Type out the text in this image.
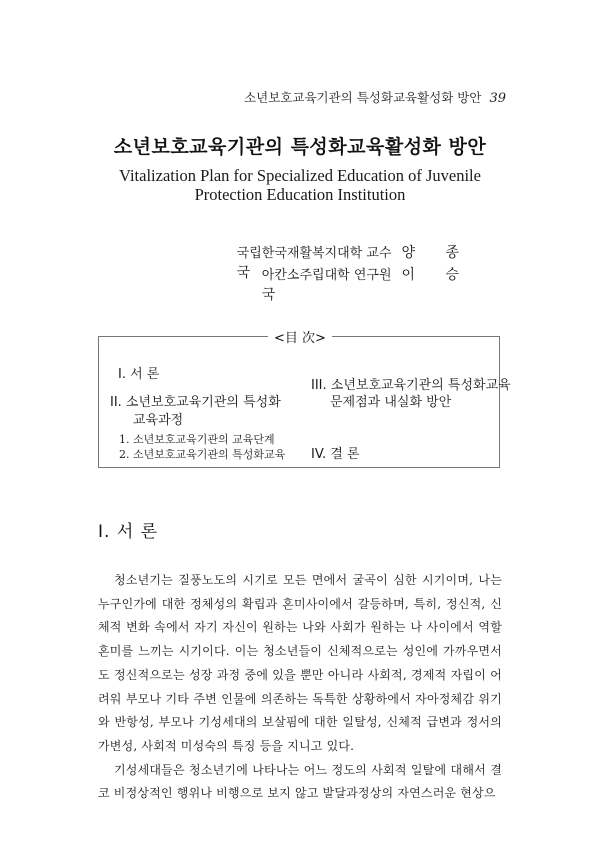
소년보호교육기관의 특성화교육활성화 방안 39
소년보호교육기관의 특성화교육활성화 방안
Vitalization Plan for Specialized Education of Juvenile
Protection Education Institution
국립한국재활복지대학 교수 양 종 국
아칸소주립대학 연구원 이 승 국
<目 次>
I. 서 론
II. 소년보호교육기관의 특성화
교육과정
1. 소년보호교육기관의 교육단계
2. 소년보호교육기관의 특성화교육
III. 소년보호교육기관의 특성화교육
문제점과 내실화 방안
IV. 결 론
I. 서 론

청소년기는 질풍노도의 시기로 모든 면에서 굴곡이 심한 시기이며, 나는 누구인가에 대한 정체성의 확립과 혼미사이에서 갈등하며, 특히, 정신적, 신체적 변화 속에서 자기 자신이 원하는 나와 사회가 원하는 나 사이에서 역할혼미를 느끼는 시기이다. 이는 청소년들이 신체적으로는 성인에 가까우면서도 정신적으로는 성장 과정 중에 있을 뿐만 아니라 사회적, 경제적 자립이 어려워 부모나 기타 주변 인물에 의존하는 독특한 상황하에서 자아정체감 위기와 반항성, 부모나 기성세대의 보살핌에 대한 일탈성, 신체적 급변과 정서의 가변성, 사회적 미성숙의 특징 등을 지니고 있다.

기성세대들은 청소년기에 나타나는 어느 정도의 사회적 일탈에 대해서 결코 비정상적인 행위나 비행으로 보지 않고 발달과정상의 자연스러운 현상으
